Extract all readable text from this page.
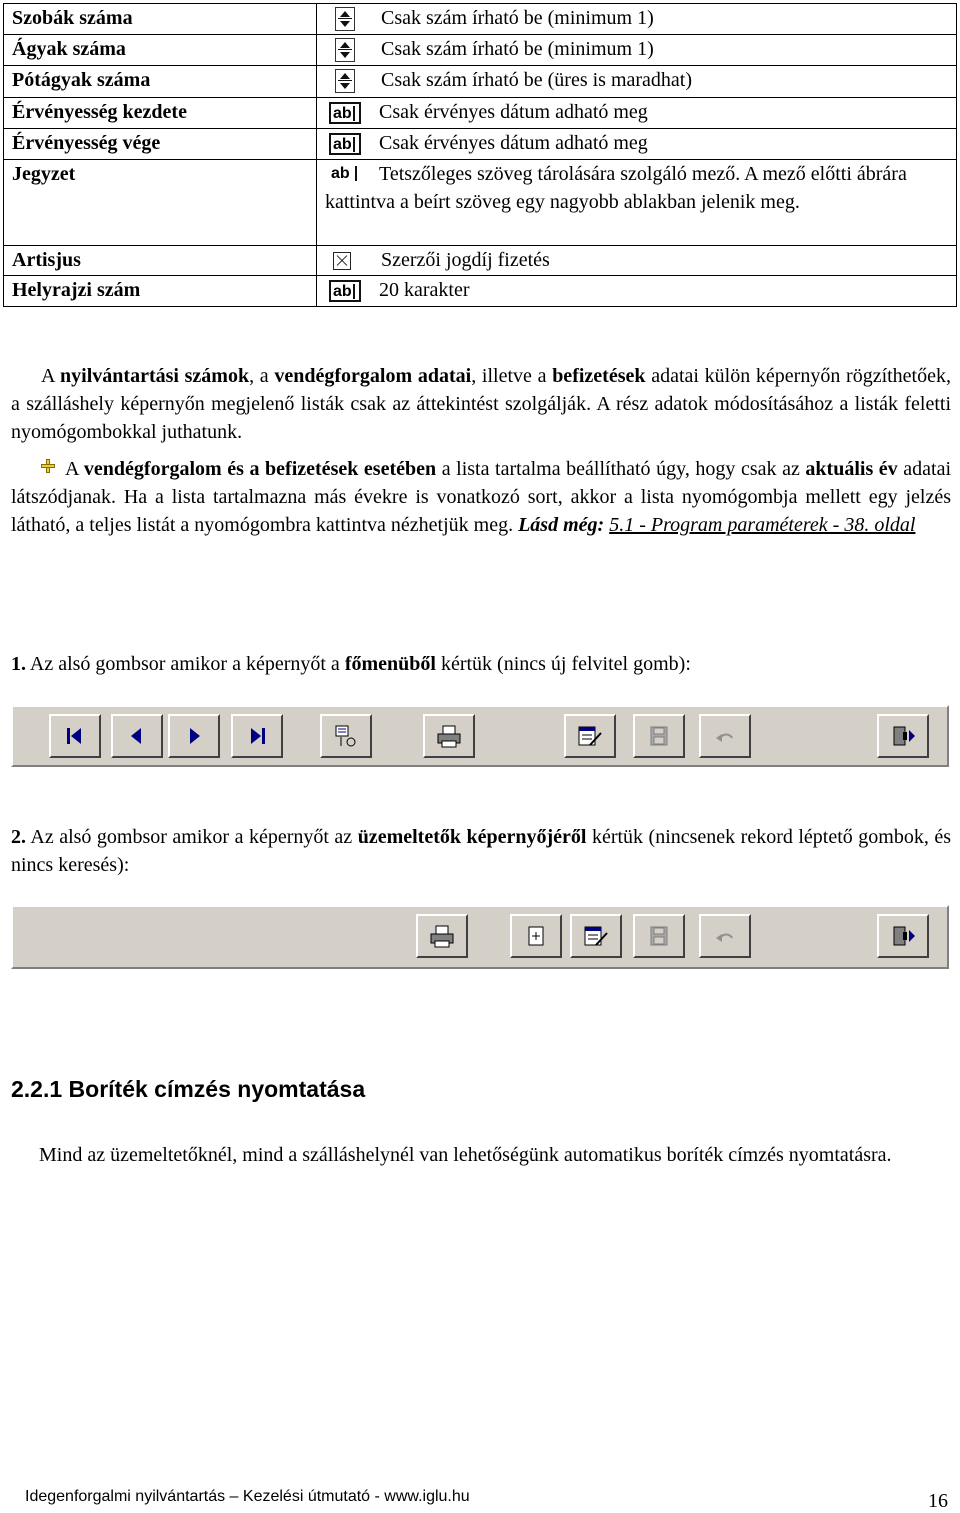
Szobák száma	Csak szám írható be (minimum 1)
Ágyak száma	Csak szám írható be (minimum 1)
Pótágyak száma	Csak szám írható be (üres is maradhat)
Érvényesség kezdete	ab Csak érvényes dátum adható meg
Érvényesség vége	ab Csak érvényes dátum adható meg
Jegyzet	ab Tetszőleges szöveg tárolására szolgáló mező. A mező előtti ábrára kattintva a beírt szöveg egy nagyobb ablakban jelenik meg.
Artisjus	Szerzői jogdíj fizetés
Helyrajzi szám	ab 20 karakter
A nyilvántartási számok, a vendégforgalom adatai, illetve a befizetések adatai külön képernyőn rögzíthetőek, a szálláshely képernyőn megjelenő listák csak az áttekintést szolgálják. A rész adatok módosításához a listák feletti nyomógombokkal juthatunk.
A vendégforgalom és a befizetések esetében a lista tartalma beállítható úgy, hogy csak az aktuális év adatai látszódjanak. Ha a lista tartalmazna más évekre is vonatkozó sort, akkor a lista nyomógombja mellett egy jelzés látható, a teljes listát a nyomógombra kattintva nézhetjük meg. Lásd még: 5.1 - Program paraméterek - 38. oldal
1. Az alsó gombsor amikor a képernyőt a főmenüből kértük (nincs új felvitel gomb):
2. Az alsó gombsor amikor a képernyőt az üzemeltetők képernyőjéről kértük (nincsenek rekord léptető gombok, és nincs keresés):
2.2.1 Boríték címzés nyomtatása
Mind az üzemeltetőknél, mind a szálláshelynél van lehetőségünk automatikus boríték címzés nyomtatásra.
Idegenforgalmi nyilvántartás – Kezelési útmutató - www.iglu.hu	16
